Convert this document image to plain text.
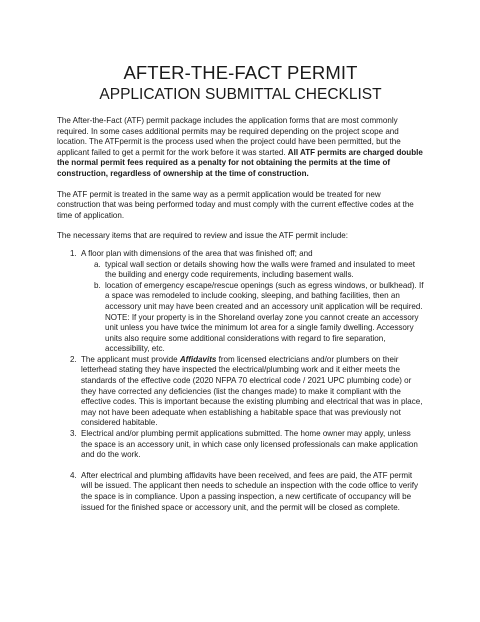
AFTER-THE-FACT PERMIT
APPLICATION SUBMITTAL CHECKLIST

The After-the-Fact (ATF) permit package includes the application forms that are most commonly required. In some cases additional permits may be required depending on the project scope and location. The ATFpermit is the process used when the project could have been permitted, but the applicant failed to get a permit for the work before it was started. All ATF permits are charged double the normal permit fees required as a penalty for not obtaining the permits at the time of construction, regardless of ownership at the time of construction.

The ATF permit is treated in the same way as a permit application would be treated for new construction that was being performed today and must comply with the current effective codes at the time of application.

The necessary items that are required to review and issue the ATF permit include:

1. A floor plan with dimensions of the area that was finished off; and
a. typical wall section or details showing how the walls were framed and insulated to meet the building and energy code requirements, including basement walls.
b. location of emergency escape/rescue openings (such as egress windows, or bulkhead). If a space was remodeled to include cooking, sleeping, and bathing facilities, then an accessory unit may have been created and an accessory unit application will be required. NOTE: If your property is in the Shoreland overlay zone you cannot create an accessory unit unless you have twice the minimum lot area for a single family dwelling. Accessory units also require some additional considerations with regard to fire separation, accessibility, etc.
2. The applicant must provide Affidavits from licensed electricians and/or plumbers on their letterhead stating they have inspected the electrical/plumbing work and it either meets the standards of the effective code (2020 NFPA 70 electrical code / 2021 UPC plumbing code) or they have corrected any deficiencies (list the changes made) to make it compliant with the effective codes. This is important because the existing plumbing and electrical that was in place, may not have been adequate when establishing a habitable space that was previously not considered habitable.
3. Electrical and/or plumbing permit applications submitted. The home owner may apply, unless the space is an accessory unit, in which case only licensed professionals can make application and do the work.
4. After electrical and plumbing affidavits have been received, and fees are paid, the ATF permit will be issued. The applicant then needs to schedule an inspection with the code office to verify the space is in compliance. Upon a passing inspection, a new certificate of occupancy will be issued for the finished space or accessory unit, and the permit will be closed as complete.
